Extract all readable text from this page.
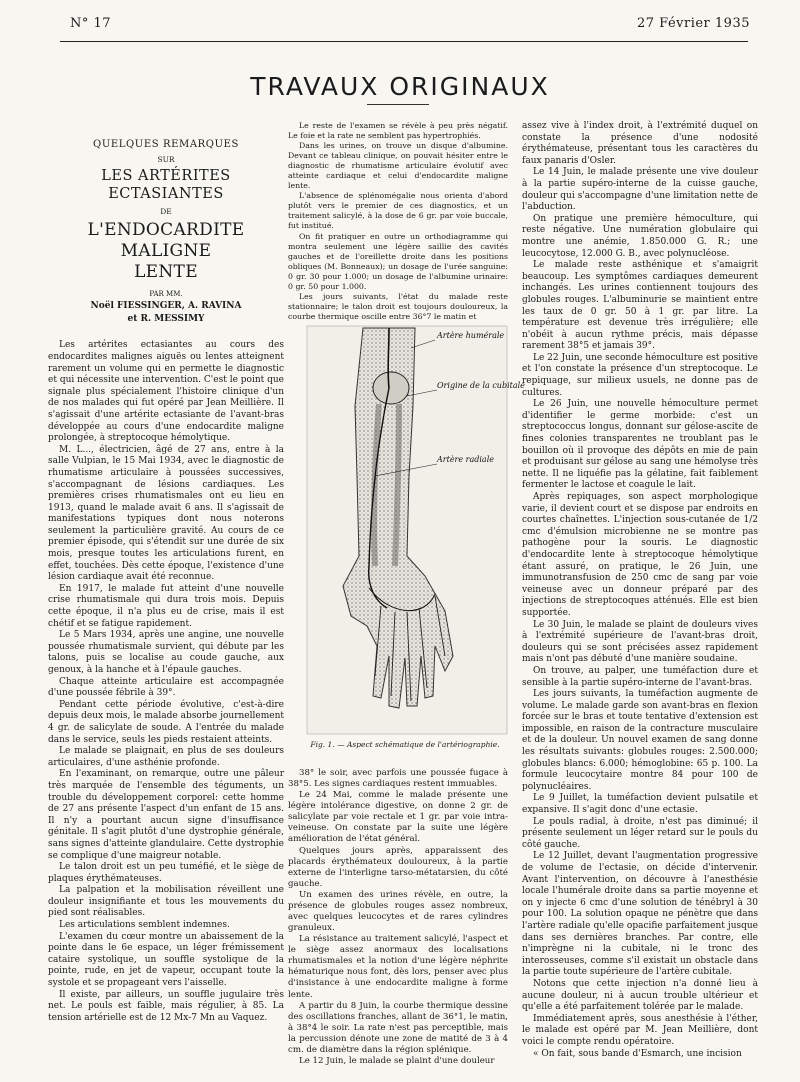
N° 17	27 Février 1935
TRAVAUX ORIGINAUX
QUELQUES REMARQUES
SUR
LES ARTÉRITES ECTASIANTES
DE
L'ENDOCARDITE MALIGNE
LENTE
PAR MM.
Noël FIESSINGER, A. RAVINA
et R. MESSIMY

Les artérites ectasiantes au cours des endocardites malignes aiguës ou lentes atteignent rarement un volume qui en permette le diagnostic et qui nécessite une intervention. C'est le point que signale plus spécialement l'histoire clinique d'un de nos malades qui fut opéré par Jean Meillière. Il s'agissait d'une artérite ectasiante de l'avant-bras développée au cours d'une endocardite maligne prolongée, à streptocoque hémolytique.

M. L..., électricien, âgé de 27 ans, entre à la salle Vulpian, le 15 Mai 1934, avec le diagnostic de rhumatisme articulaire à poussées successives, s'accompagnant de lésions cardiaques. Les premières crises rhumatismales ont eu lieu en 1913, quand le malade avait 6 ans. Il s'agissait de manifestations typiques dont nous noterons seulement la particulière gravité. Au cours de ce premier épisode, qui s'étendit sur une durée de six mois, presque toutes les articulations furent, en effet, touchées. Dès cette époque, l'existence d'une lésion cardiaque avait été reconnue.

En 1917, le malade fut atteint d'une nouvelle crise rhumatismale qui dura trois mois. Depuis cette époque, il n'a plus eu de crise, mais il est chétif et se fatigue rapidement.

Le 5 Mars 1934, après une angine, une nouvelle poussée rhumatismale survient, qui débute par les talons, puis se localise au coude gauche, aux genoux, à la hanche et à l'épaule gauches.

Chaque atteinte articulaire est accompagnée d'une poussée fébrile à 39°.

Pendant cette période évolutive, c'est-à-dire depuis deux mois, le malade absorbe journellement 4 gr. de salicylate de soude. A l'entrée du malade dans le service, seuls les pieds restaient atteints.

Le malade se plaignait, en plus de ses douleurs articulaires, d'une asthénie profonde.

En l'examinant, on remarque, outre une pâleur très marquée de l'ensemble des téguments, un trouble du développement corporel: cette homme de 27 ans présente l'aspect d'un enfant de 15 ans. Il n'y a pourtant aucun signe d'insuffisance génitale. Il s'agit plutôt d'une dystrophie générale, sans signes d'atteinte glandulaire. Cette dystrophie se complique d'une maigreur notable.

Le talon droit est un peu tuméfié, et le siège de plaques érythémateuses.

La palpation et la mobilisation réveillent une douleur insignifiante et tous les mouvements du pied sont réalisables.

Les articulations semblent indemnes.

L'examen du cœur montre un abaissement de la pointe dans le 6e espace, un léger frémissement cataire systolique, un souffle systolique de la pointe, rude, en jet de vapeur, occupant toute la systole et se propageant vers l'aisselle.

Il existe, par ailleurs, un souffle jugulaire très net. Le pouls est faible, mais régulier, à 85. La tension artérielle est de 12 Mx-7 Mn au Vaquez.

Le reste de l'examen se révèle à peu près négatif. Le foie et la rate ne semblent pas hypertrophiés.

Dans les urines, on trouve un disque d'albumine. Devant ce tableau clinique, on pouvait hésiter entre le diagnostic de rhumatisme articulaire évolutif avec atteinte cardiaque et celui d'endocardite maligne lente.

L'absence de splénomégalie nous orienta d'abord plutôt vers le premier de ces diagnostics, et un traitement salicylé, à la dose de 6 gr. par voie buccale, fut institué.

On fit pratiquer en outre un orthodiagramme qui montra seulement une légère saillie des cavités gauches et de l'oreillette droite dans les positions obliques (M. Bonneaux); un dosage de l'urée sanguine: 0 gr. 30 pour 1.000; un dosage de l'albumine urinaire: 0 gr. 50 pour 1.000.

Les jours suivants, l'état du malade reste stationnaire; le talon droit est toujours douloureux, la courbe thermique oscille entre 36°7 le matin et

Artère humérale
Origine de la cubitale
Artère radiale
Fig. 1. — Aspect schématique de l'artériographie.

38° le soir, avec parfois une poussée fugace à 38°5. Les signes cardiaques restent immuables.

Le 24 Mai, comme le malade présente une légère intolérance digestive, on donne 2 gr. de salicylate par voie rectale et 1 gr. par voie intra-veineuse. On constate par la suite une légère amélioration de l'état général.

Quelques jours après, apparaissent des placards érythémateux douloureux, à la partie externe de l'interligne tarso-métatarsien, du côté gauche.

Un examen des urines révèle, en outre, la présence de globules rouges assez nombreux, avec quelques leucocytes et de rares cylindres granuleux.

La résistance au traitement salicylé, l'aspect et le siège assez anormaux des localisations rhumatismales et la notion d'une légère néphrite hématurique nous font, dès lors, penser avec plus d'insistance à une endocardite maligne à forme lente.

A partir du 8 Juin, la courbe thermique dessine des oscillations franches, allant de 36°1, le matin, à 38°4 le soir. La rate n'est pas perceptible, mais la percussion dénote une zone de matité de 3 à 4 cm. de diamètre dans la région splénique.

Le 12 Juin, le malade se plaint d'une douleur

assez vive à l'index droit, à l'extrémité duquel on constate la présence d'une nodosité érythémateuse, présentant tous les caractères du faux panaris d'Osler.

Le 14 Juin, le malade présente une vive douleur à la partie supéro-interne de la cuisse gauche, douleur qui s'accompagne d'une limitation nette de l'abduction.

On pratique une première hémoculture, qui reste négative. Une numération globulaire qui montre une anémie, 1.850.000 G. R.; une leucocytose, 12.000 G. B., avec polynucléose.

Le malade reste asthénique et s'amaigrit beaucoup. Les symptômes cardiaques demeurent inchangés. Les urines contiennent toujours des globules rouges. L'albuminurie se maintient entre les taux de 0 gr. 50 à 1 gr. par litre. La température est devenue très irrégulière; elle n'obéit à aucun rythme précis, mais dépasse rarement 38°5 et jamais 39°.

Le 22 Juin, une seconde hémoculture est positive et l'on constate la présence d'un streptocoque. Le repiquage, sur milieux usuels, ne donne pas de cultures.

Le 26 Juin, une nouvelle hémoculture permet d'identifier le germe morbide: c'est un streptococcus longus, donnant sur gélose-ascite de fines colonies transparentes ne troublant pas le bouillon où il provoque des dépôts en mie de pain et produisant sur gélose au sang une hémolyse très nette. Il ne liquéfie pas la gélatine, fait faiblement fermenter le lactose et coagule le lait.

Après repiquages, son aspect morphologique varie, il devient court et se dispose par endroits en courtes chaînettes. L'injection sous-cutanée de 1/2 cmc d'émulsion microbienne ne se montre pas pathogène pour la souris. Le diagnostic d'endocardite lente à streptocoque hémolytique étant assuré, on pratique, le 26 Juin, une immunotransfusion de 250 cmc de sang par voie veineuse avec un donneur préparé par des injections de streptocoques atténués. Elle est bien supportée.

Le 30 Juin, le malade se plaint de douleurs vives à l'extrémité supérieure de l'avant-bras droit, douleurs qui se sont précisées assez rapidement mais n'ont pas débuté d'une manière soudaine.

On trouve, au palper, une tuméfaction dure et sensible à la partie supéro-interne de l'avant-bras.

Les jours suivants, la tuméfaction augmente de volume. Le malade garde son avant-bras en flexion forcée sur le bras et toute tentative d'extension est impossible, en raison de la contracture musculaire et de la douleur. Un nouvel examen de sang donne les résultats suivants: globules rouges: 2.500.000; globules blancs: 6.000; hémoglobine: 65 p. 100. La formule leucocytaire montre 84 pour 100 de polynucléaires.

Le 9 Juillet, la tuméfaction devient pulsatile et expansive. Il s'agit donc d'une ectasie.

Le pouls radial, à droite, n'est pas diminué; il présente seulement un léger retard sur le pouls du côté gauche.

Le 12 Juillet, devant l'augmentation progressive de volume de l'ectasie, on décide d'intervenir. Avant l'intervention, on découvre à l'anesthésie locale l'humérale droite dans sa partie moyenne et on y injecte 6 cmc d'une solution de ténébryl à 30 pour 100. La solution opaque ne pénètre que dans l'artère radiale qu'elle opacifie parfaitement jusque dans ses dernières branches. Par contre, elle n'imprègne ni la cubitale, ni le tronc des interosseuses, comme s'il existait un obstacle dans la partie toute supérieure de l'artère cubitale.

Notons que cette injection n'a donné lieu à aucune douleur, ni à aucun trouble ultérieur et qu'elle a été parfaitement tolérée par le malade.

Immédiatement après, sous anesthésie à l'éther, le malade est opéré par M. Jean Meillière, dont voici le compte rendu opératoire.

« On fait, sous bande d'Esmarch, une incision
